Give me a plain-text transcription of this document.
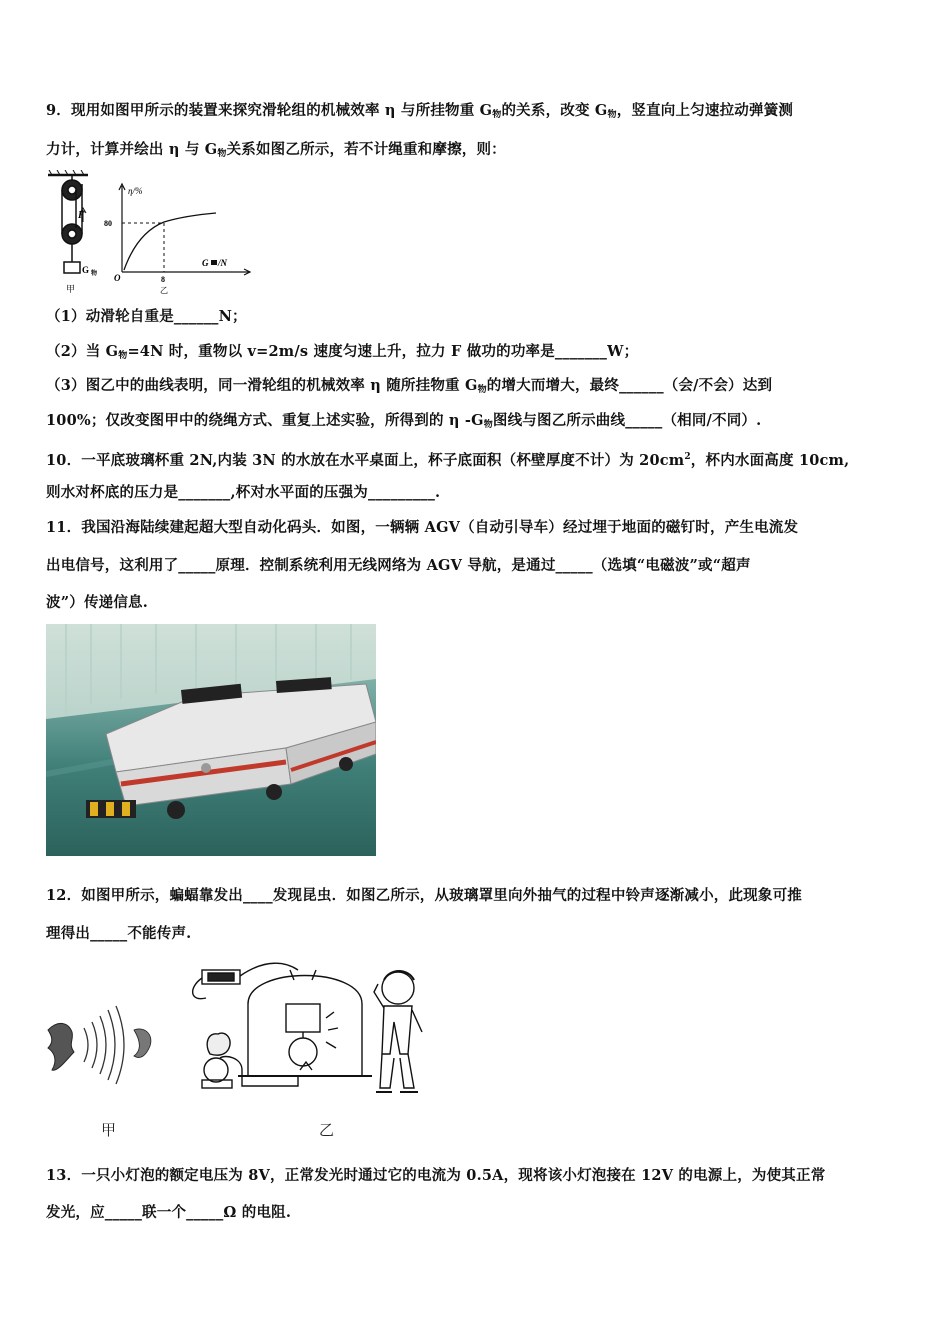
9．现用如图甲所示的装置来探究滑轮组的机械效率 η 与所挂物重 $G_物$的关系，改变 $G_物$，竖直向上匀速拉动弹簧测
力计，计算并绘出 η 与 $G_物$关系如图乙所示，若不计绳重和摩擦，则：
F
G 物
甲
η/%
80
O	8
乙
G /N
（1）动滑轮自重是______N；
（2）当 $G_物=4N$ 时，重物以 v=2m/s 速度匀速上升，拉力 F 做功的功率是_______W；
（3）图乙中的曲线表明，同一滑轮组的机械效率 η 随所挂物重 $G_物$的增大而增大，最终______（会/不会）达到
100%；仅改变图甲中的绕绳方式、重复上述实验，所得到的 η $-G_物$图线与图乙所示曲线_____（相同/不同）.
10．一平底玻璃杯重 2N,内装 3N 的水放在水平桌面上，杯子底面积（杯壁厚度不计）为 $20cm^2$，杯内水面高度 10cm,
则水对杯底的压力是_______,杯对水平面的压强为_________.
11．我国沿海陆续建起超大型自动化码头．如图，一辆辆 AGV（自动引导车）经过埋于地面的磁钉时，产生电流发
出电信号，这利用了_____原理．控制系统利用无线网络为 AGV 导航，是通过_____（选填“电磁波”或“超声
波”）传递信息.
12．如图甲所示，蝙蝠靠发出____发现昆虫．如图乙所示，从玻璃罩里向外抽气的过程中铃声逐渐减小，此现象可推
理得出_____不能传声.
甲	乙
13．一只小灯泡的额定电压为 8V，正常发光时通过它的电流为 0.5A，现将该小灯泡接在 12V 的电源上，为使其正常
发光，应_____联一个_____Ω 的电阻.
